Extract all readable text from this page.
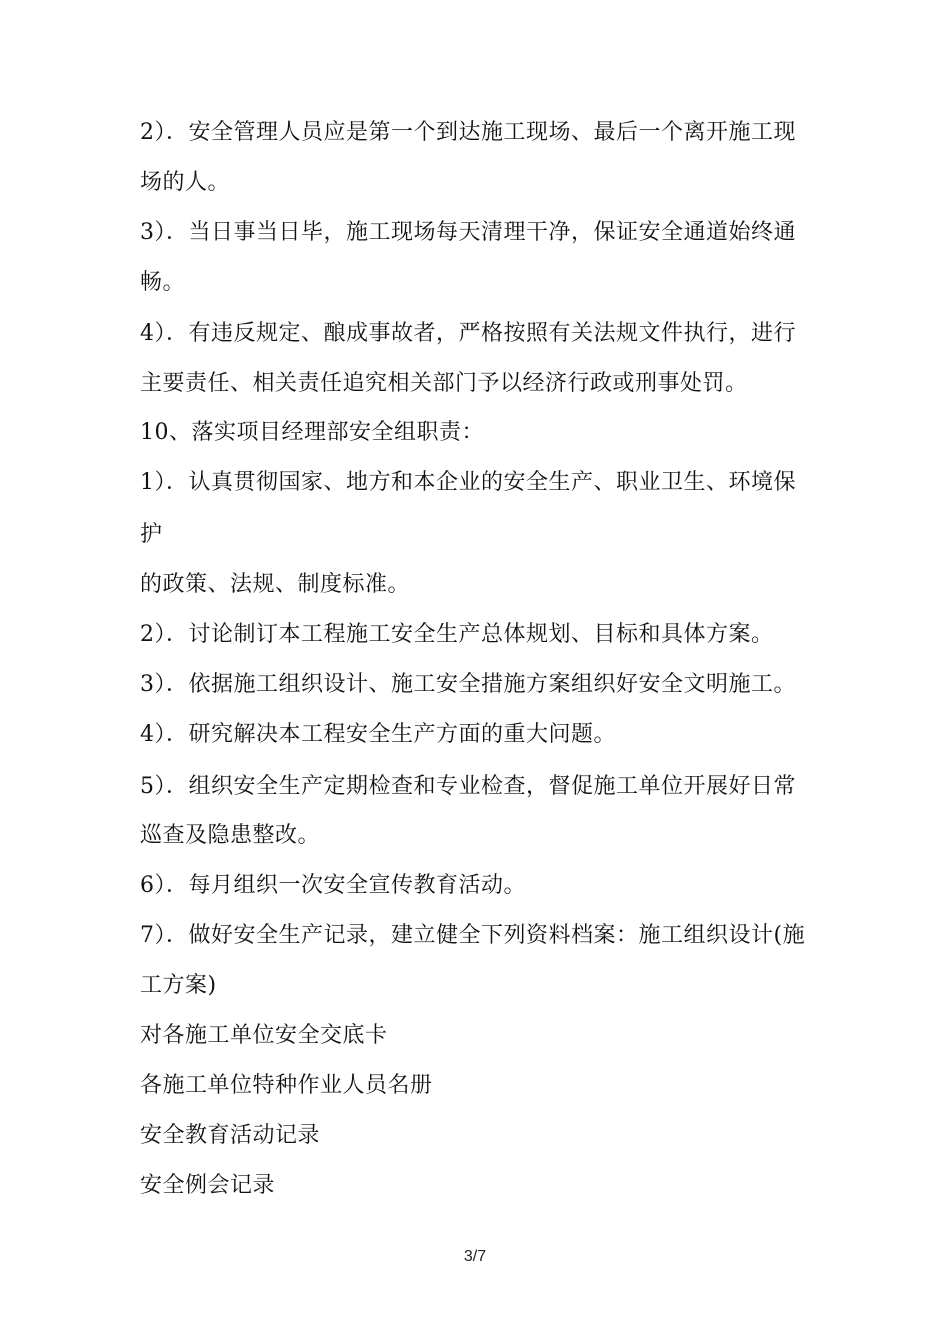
2）．安全管理人员应是第一个到达施工现场、最后一个离开施工现
场的人。
3）．当日事当日毕，施工现场每天清理干净，保证安全通道始终通
畅。
4）．有违反规定、酿成事故者，严格按照有关法规文件执行，进行
主要责任、相关责任追究相关部门予以经济行政或刑事处罚。
10、落实项目经理部安全组职责：
1）．认真贯彻国家、地方和本企业的安全生产、职业卫生、环境保
护
的政策、法规、制度标准。
2）．讨论制订本工程施工安全生产总体规划、目标和具体方案。
3）．依据施工组织设计、施工安全措施方案组织好安全文明施工。
4）．研究解决本工程安全生产方面的重大问题。
5）．组织安全生产定期检查和专业检查，督促施工单位开展好日常
巡查及隐患整改。
6）．每月组织一次安全宣传教育活动。
7）．做好安全生产记录，建立健全下列资料档案：施工组织设计(施
工方案)
对各施工单位安全交底卡
各施工单位特种作业人员名册
安全教育活动记录
安全例会记录
3/7
